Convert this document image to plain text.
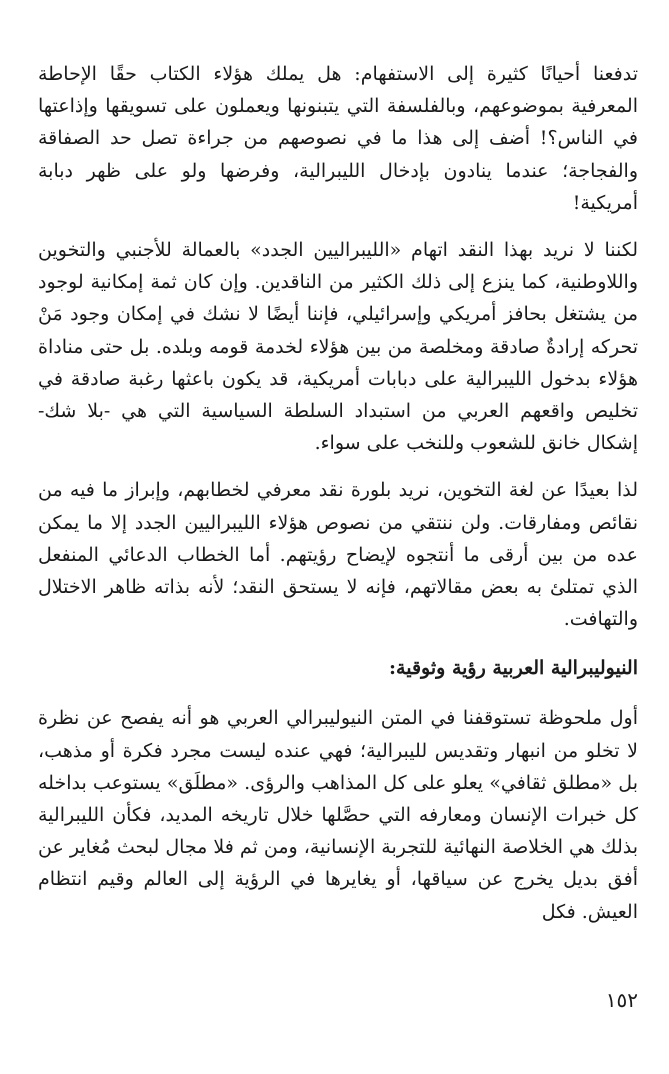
تدفعنا أحيانًا كثيرة إلى الاستفهام: هل يملك هؤلاء الكتاب حقًا الإحاطة المعرفية بموضوعهم، وبالفلسفة التي يتبنونها ويعملون على تسويقها وإذاعتها في الناس؟! أضف إلى هذا ما في نصوصهم من جراءة تصل حد الصفاقة والفجاجة؛ عندما ينادون بإدخال الليبرالية، وفرضها ولو على ظهر دبابة أمريكية!

لكننا لا نريد بهذا النقد اتهام «الليبراليين الجدد» بالعمالة للأجنبي والتخوين واللاوطنية، كما ينزع إلى ذلك الكثير من الناقدين. وإن كان ثمة إمكانية لوجود من يشتغل بحافز أمريكي وإسرائيلي، فإننا أيضًا لا نشك في إمكان وجود مَنْ تحركه إرادةٌ صادقة ومخلصة من بين هؤلاء لخدمة قومه وبلده. بل حتى مناداة هؤلاء بدخول الليبرالية على دبابات أمريكية، قد يكون باعثها رغبة صادقة في تخليص واقعهم العربي من استبداد السلطة السياسية التي هي -بلا شك- إشكال خانق للشعوب وللنخب على سواء.

لذا بعيدًا عن لغة التخوين، نريد بلورة نقد معرفي لخطابهم، وإبراز ما فيه من نقائص ومفارقات. ولن ننتقي من نصوص هؤلاء الليبراليين الجدد إلا ما يمكن عده من بين أرقى ما أنتجوه لإيضاح رؤيتهم. أما الخطاب الدعائي المنفعل الذي تمتلئ به بعض مقالاتهم، فإنه لا يستحق النقد؛ لأنه بذاته ظاهر الاختلال والتهافت.

النيوليبرالية العربية رؤية وثوقية:

أول ملحوظة تستوقفنا في المتن النيوليبرالي العربي هو أنه يفصح عن نظرة لا تخلو من انبهار وتقديس لليبرالية؛ فهي عنده ليست مجرد فكرة أو مذهب، بل «مطلق ثقافي» يعلو على كل المذاهب والرؤى. «مطلَق» يستوعب بداخله كل خبرات الإنسان ومعارفه التي حصَّلها خلال تاريخه المديد، فكأن الليبرالية بذلك هي الخلاصة النهائية للتجربة الإنسانية، ومن ثم فلا مجال لبحث مُغاير عن أفق بديل يخرج عن سياقها، أو يغايرها في الرؤية إلى العالم وقيم انتظام العيش. فكل

١٥٢
